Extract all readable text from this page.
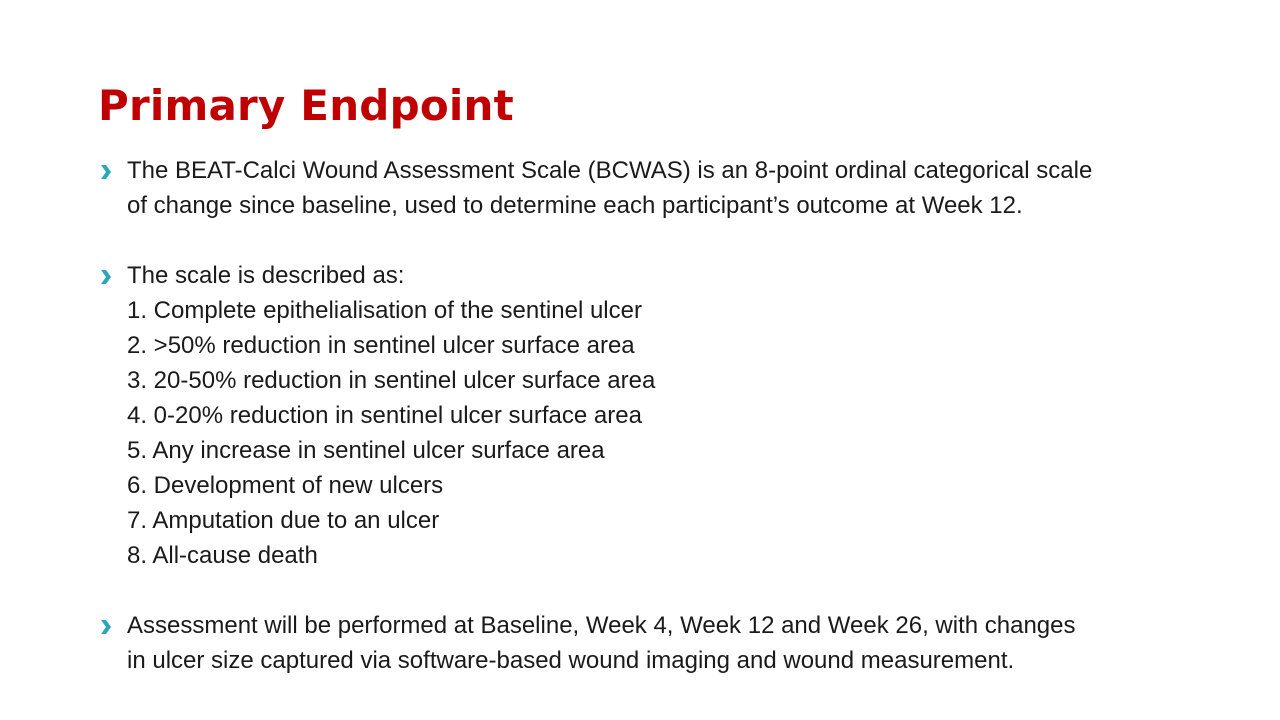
Primary Endpoint
The BEAT-Calci Wound Assessment Scale (BCWAS) is an 8-point ordinal categorical scale
of change since baseline, used to determine each participant’s outcome at Week 12.
The scale is described as:
1. Complete epithelialisation of the sentinel ulcer
2. >50% reduction in sentinel ulcer surface area
3. 20-50% reduction in sentinel ulcer surface area
4. 0-20% reduction in sentinel ulcer surface area
5. Any increase in sentinel ulcer surface area
6. Development of new ulcers
7. Amputation due to an ulcer
8. All-cause death
Assessment will be performed at Baseline, Week 4, Week 12 and Week 26, with changes
in ulcer size captured via software-based wound imaging and wound measurement.
